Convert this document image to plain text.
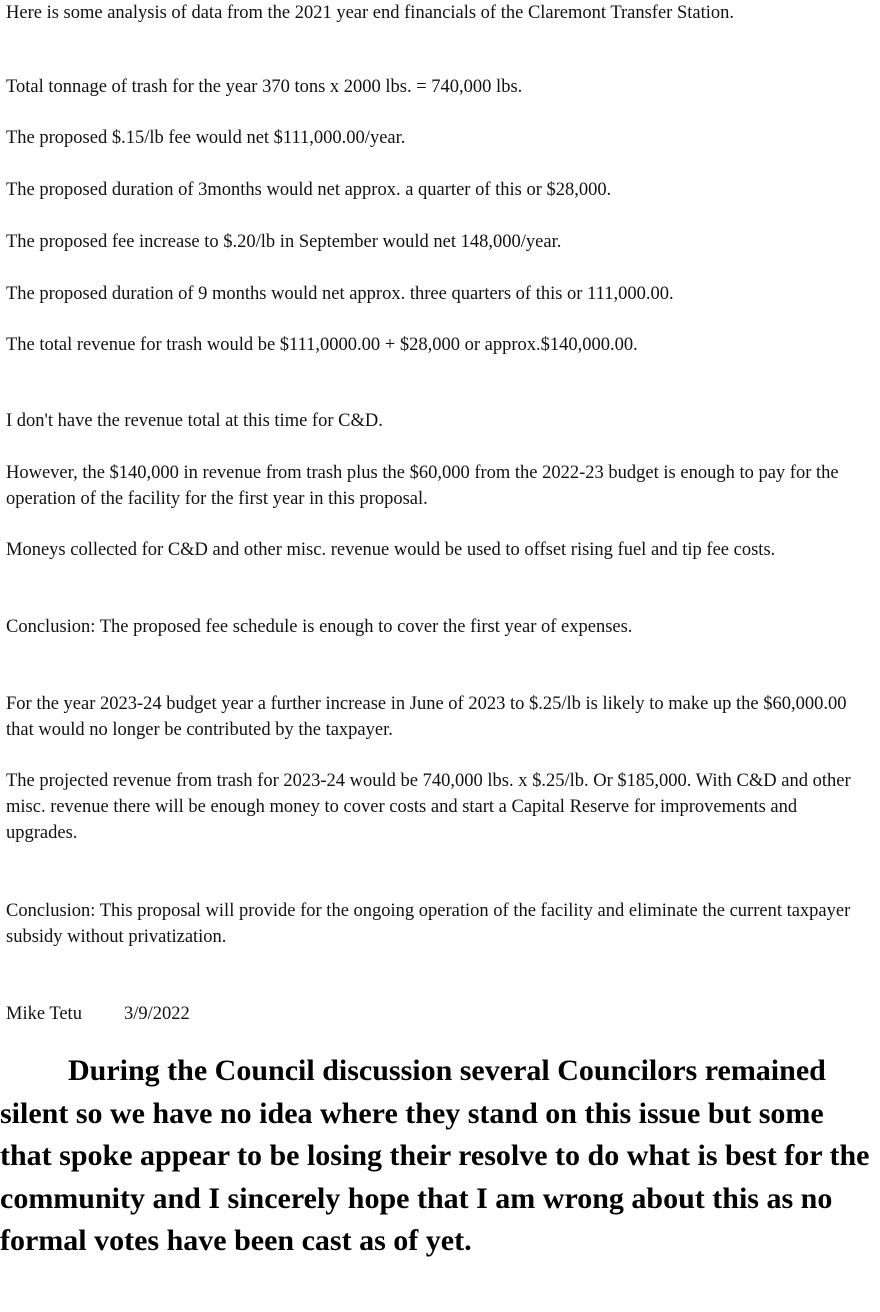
Here is some analysis of data from the 2021 year end financials of the Claremont Transfer Station.

Total tonnage of trash for the year 370 tons x 2000 lbs. = 740,000 lbs.

The proposed $.15/lb fee would net $111,000.00/year.

The proposed duration of 3months would net approx. a quarter of this or $28,000.

The proposed fee increase to $.20/lb in September would net 148,000/year.

The proposed duration of 9 months would net approx. three quarters of this or 111,000.00.

The total revenue for trash would be $111,0000.00 + $28,000 or approx.$140,000.00.

I don't have the revenue total at this time for C&D.

However, the $140,000 in revenue from trash plus the $60,000 from the 2022-23 budget is enough to pay for the operation of the facility for the first year in this proposal.

Moneys collected for C&D and other misc. revenue would be used to offset rising fuel and tip fee costs.

Conclusion: The proposed fee schedule is enough to cover the first year of expenses.

For the year 2023-24 budget year a further increase in June of 2023 to $.25/lb is likely to make up the $60,000.00 that would no longer be contributed by the taxpayer.

The projected revenue from trash for 2023-24 would be 740,000 lbs. x $.25/lb. Or $185,000. With C&D and other misc. revenue there will be enough money to cover costs and start a Capital Reserve for improvements and upgrades.

Conclusion: This proposal will provide for the ongoing operation of the facility and eliminate the current taxpayer subsidy without privatization.

Mike Tetu 3/9/2022

During the Council discussion several Councilors remained silent so we have no idea where they stand on this issue but some that spoke appear to be losing their resolve to do what is best for the community and I sincerely hope that I am wrong about this as no formal votes have been cast as of yet.
